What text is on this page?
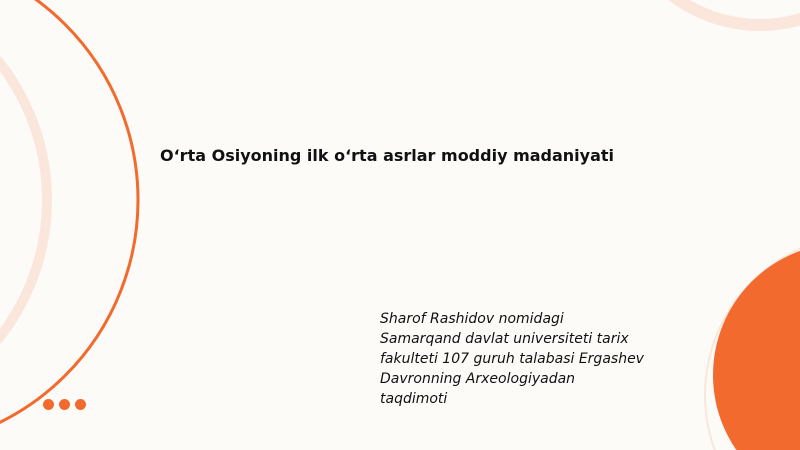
O‘rta Osiyoning ilk o‘rta asrlar moddiy madaniyati

Sharof Rashidov nomidagi
Samarqand davlat universiteti tarix
fakulteti 107 guruh talabasi Ergashev
Davronning Arxeologiyadan
taqdimoti
